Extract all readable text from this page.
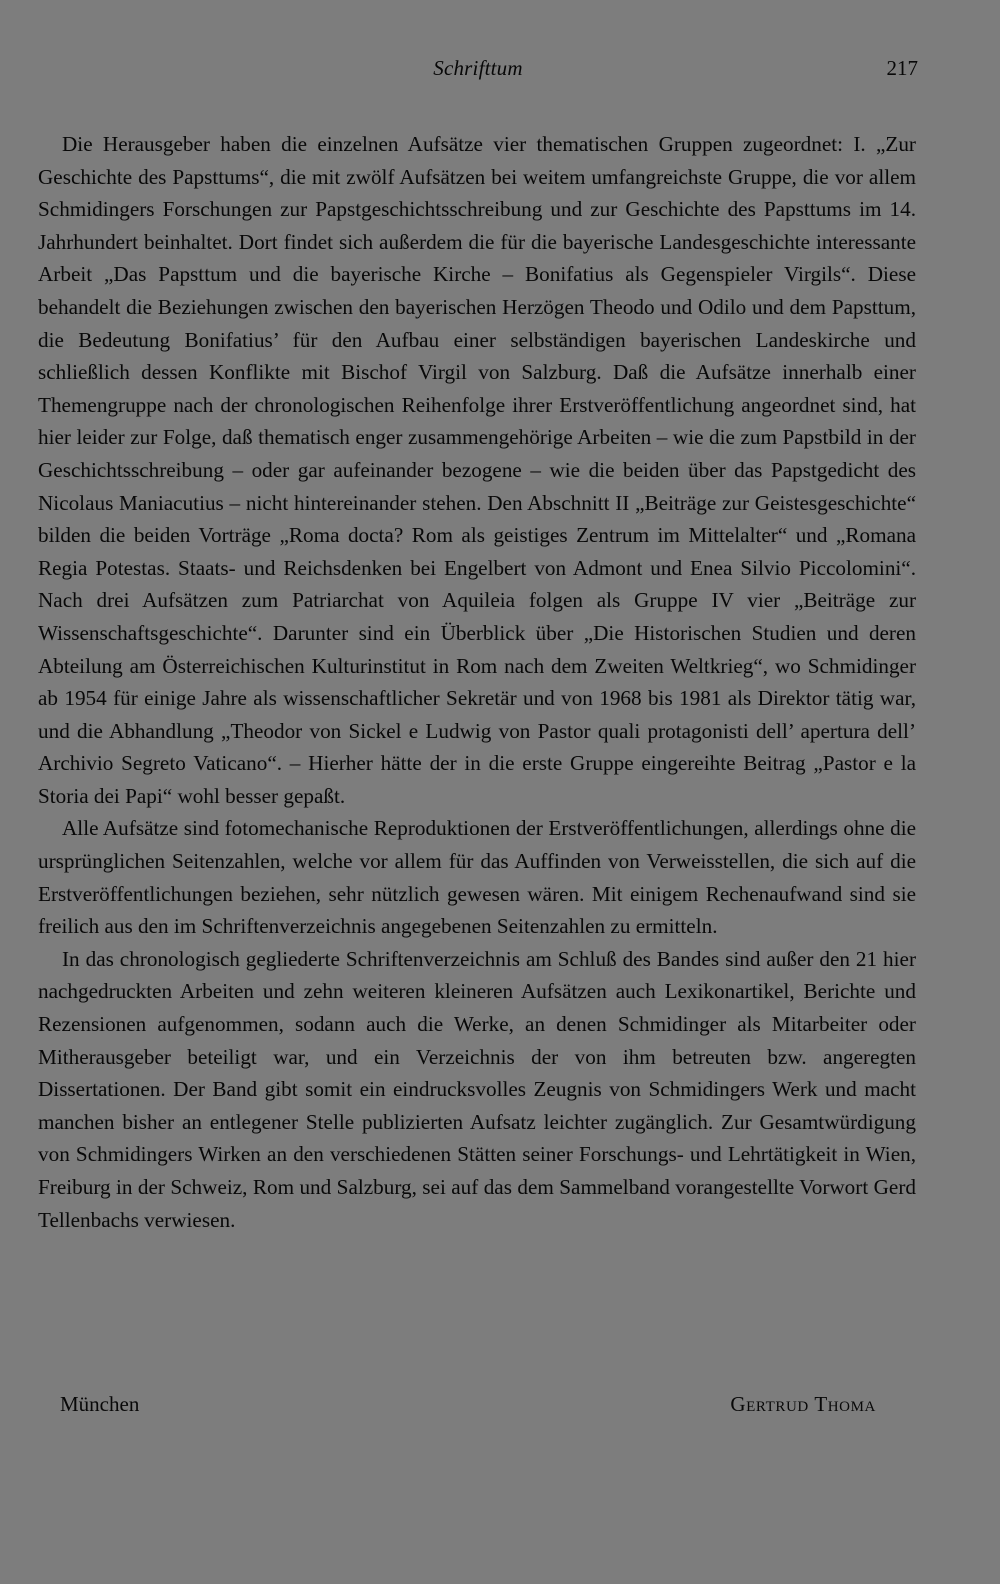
Schrifttum	217

Die Herausgeber haben die einzelnen Aufsätze vier thematischen Gruppen zugeordnet: I. „Zur Geschichte des Papsttums“, die mit zwölf Aufsätzen bei weitem umfangreichste Gruppe, die vor allem Schmidingers Forschungen zur Papstgeschichtsschreibung und zur Geschichte des Papsttums im 14. Jahrhundert beinhaltet. Dort findet sich außerdem die für die bayerische Landesgeschichte interessante Arbeit „Das Papsttum und die bayerische Kirche – Bonifatius als Gegenspieler Virgils“. Diese behandelt die Beziehungen zwischen den bayerischen Herzögen Theodo und Odilo und dem Papsttum, die Bedeutung Bonifatius’ für den Aufbau einer selbständigen bayerischen Landeskirche und schließlich dessen Konflikte mit Bischof Virgil von Salzburg. Daß die Aufsätze innerhalb einer Themengruppe nach der chronologischen Reihenfolge ihrer Erstveröffentlichung angeordnet sind, hat hier leider zur Folge, daß thematisch enger zusammengehörige Arbeiten – wie die zum Papstbild in der Geschichtsschreibung – oder gar aufeinander bezogene – wie die beiden über das Papstgedicht des Nicolaus Maniacutius – nicht hintereinander stehen. Den Abschnitt II „Beiträge zur Geistesgeschichte“ bilden die beiden Vorträge „Roma docta? Rom als geistiges Zentrum im Mittelalter“ und „Romana Regia Potestas. Staats- und Reichsdenken bei Engelbert von Admont und Enea Silvio Piccolomini“. Nach drei Aufsätzen zum Patriarchat von Aquileia folgen als Gruppe IV vier „Beiträge zur Wissenschaftsgeschichte“. Darunter sind ein Überblick über „Die Historischen Studien und deren Abteilung am Österreichischen Kulturinstitut in Rom nach dem Zweiten Weltkrieg“, wo Schmidinger ab 1954 für einige Jahre als wissenschaftlicher Sekretär und von 1968 bis 1981 als Direktor tätig war, und die Abhandlung „Theodor von Sickel e Ludwig von Pastor quali protagonisti dell’ apertura dell’ Archivio Segreto Vaticano“. – Hierher hätte der in die erste Gruppe eingereihte Beitrag „Pastor e la Storia dei Papi“ wohl besser gepaßt.

Alle Aufsätze sind fotomechanische Reproduktionen der Erstveröffentlichungen, allerdings ohne die ursprünglichen Seitenzahlen, welche vor allem für das Auffinden von Verweisstellen, die sich auf die Erstveröffentlichungen beziehen, sehr nützlich gewesen wären. Mit einigem Rechenaufwand sind sie freilich aus den im Schriftenverzeichnis angegebenen Seitenzahlen zu ermitteln.

In das chronologisch gegliederte Schriftenverzeichnis am Schluß des Bandes sind außer den 21 hier nachgedruckten Arbeiten und zehn weiteren kleineren Aufsätzen auch Lexikonartikel, Berichte und Rezensionen aufgenommen, sodann auch die Werke, an denen Schmidinger als Mitarbeiter oder Mitherausgeber beteiligt war, und ein Verzeichnis der von ihm betreuten bzw. angeregten Dissertationen. Der Band gibt somit ein eindrucksvolles Zeugnis von Schmidingers Werk und macht manchen bisher an entlegener Stelle publizierten Aufsatz leichter zugänglich. Zur Gesamtwürdigung von Schmidingers Wirken an den verschiedenen Stätten seiner Forschungs- und Lehrtätigkeit in Wien, Freiburg in der Schweiz, Rom und Salzburg, sei auf das dem Sammelband vorangestellte Vorwort Gerd Tellenbachs verwiesen.

München	Gertrud Thoma
